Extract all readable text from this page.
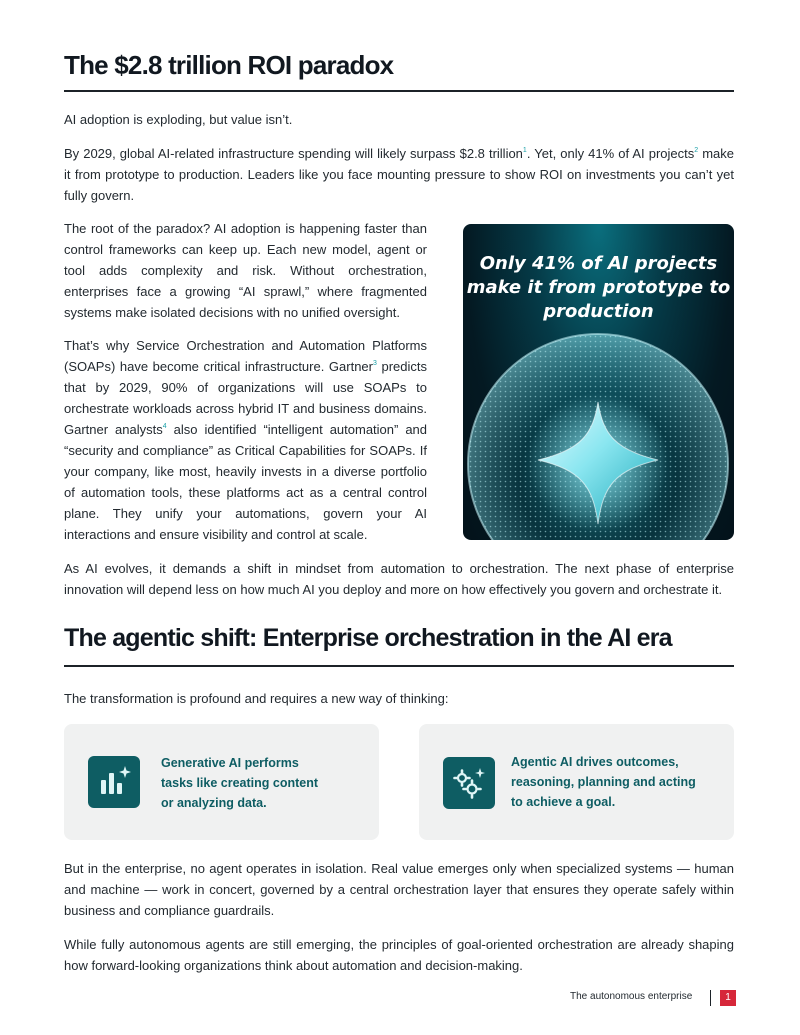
The $2.8 trillion ROI paradox

AI adoption is exploding, but value isn’t.

By 2029, global AI-related infrastructure spending will likely surpass $2.8 trillion$^1$. Yet, only 41% of AI projects$^2$ make it from prototype to production. Leaders like you face mounting pressure to show ROI on investments you can’t yet fully govern.

The root of the paradox? AI adoption is happening faster than control frameworks can keep up. Each new model, agent or tool adds complexity and risk. Without orchestration, enterprises face a growing “AI sprawl,” where fragmented systems make isolated decisions with no unified oversight.

That’s why Service Orchestration and Automation Platforms (SOAPs) have become critical infrastructure. Gartner$^3$ predicts that by 2029, 90% of organizations will use SOAPs to orchestrate workloads across hybrid IT and business domains. Gartner analysts$^4$ also identified “intelligent automation” and “security and compliance” as Critical Capabilities for SOAPs. If your company, like most, heavily invests in a diverse portfolio of automation tools, these platforms act as a central control plane. They unify your automations, govern your AI interactions and ensure visibility and control at scale.

Only 41% of AI projects make it from prototype to production

As AI evolves, it demands a shift in mindset from automation to orchestration. The next phase of enterprise innovation will depend less on how much AI you deploy and more on how effectively you govern and orchestrate it.

The agentic shift: Enterprise orchestration in the AI era

The transformation is profound and requires a new way of thinking:

Generative AI performs tasks like creating content or analyzing data.
Agentic AI drives outcomes, reasoning, planning and acting to achieve a goal.

But in the enterprise, no agent operates in isolation. Real value emerges only when specialized systems — human and machine — work in concert, governed by a central orchestration layer that ensures they operate safely within business and compliance guardrails.

While fully autonomous agents are still emerging, the principles of goal-oriented orchestration are already shaping how forward-looking organizations think about automation and decision-making.

The autonomous enterprise	1
